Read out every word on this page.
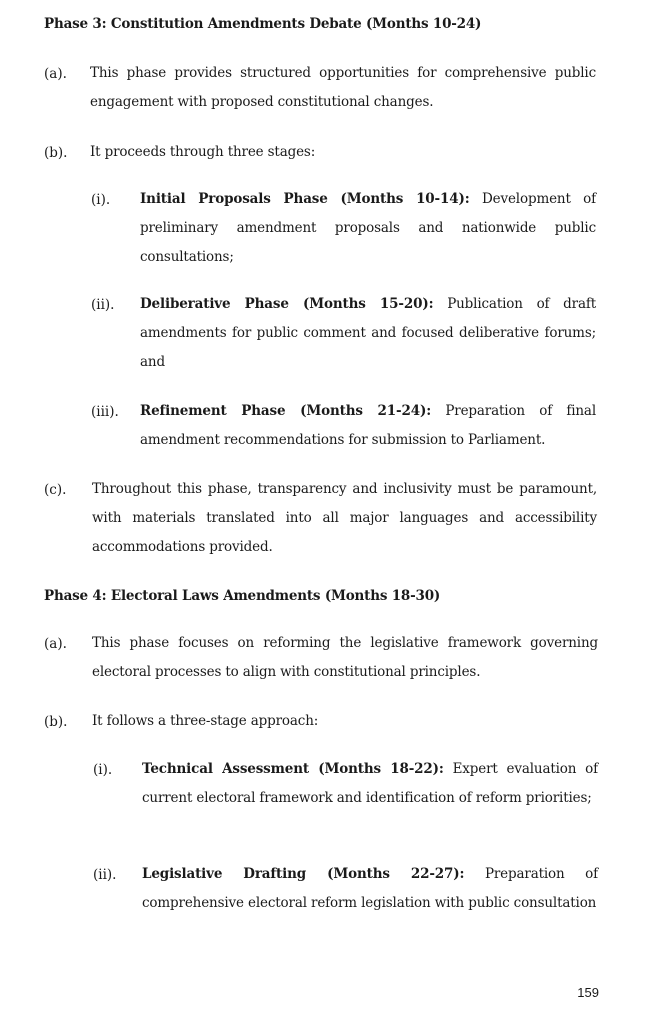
Phase 3: Constitution Amendments Debate (Months 10-24)
(a). This phase provides structured opportunities for comprehensive public engagement with proposed constitutional changes.
(b). It proceeds through three stages:
(i). Initial Proposals Phase (Months 10-14): Development of preliminary amendment proposals and nationwide public consultations;
(ii). Deliberative Phase (Months 15-20): Publication of draft amendments for public comment and focused deliberative forums; and
(iii). Refinement Phase (Months 21-24): Preparation of final amendment recommendations for submission to Parliament.
(c). Throughout this phase, transparency and inclusivity must be paramount, with materials translated into all major languages and accessibility accommodations provided.
Phase 4: Electoral Laws Amendments (Months 18-30)
(a). This phase focuses on reforming the legislative framework governing electoral processes to align with constitutional principles.
(b). It follows a three-stage approach:
(i). Technical Assessment (Months 18-22): Expert evaluation of current electoral framework and identification of reform priorities;
(ii). Legislative Drafting (Months 22-27): Preparation of comprehensive electoral reform legislation with public consultation
159
